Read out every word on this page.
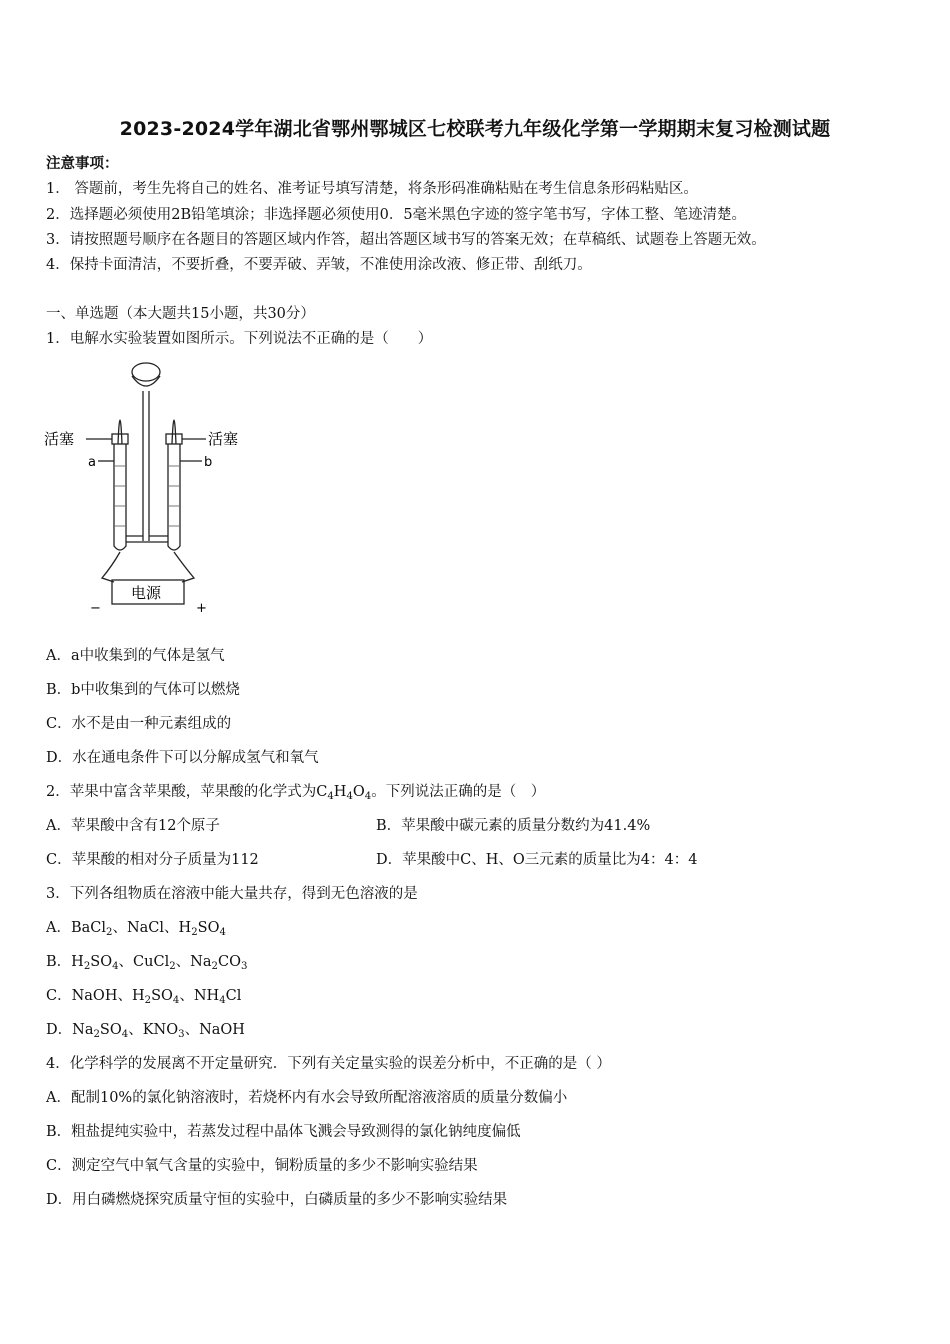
2023-2024学年湖北省鄂州鄂城区七校联考九年级化学第一学期期末复习检测试题
注意事项：
1． 答题前，考生先将自己的姓名、准考证号填写清楚，将条形码准确粘贴在考生信息条形码粘贴区。
2．选择题必须使用2B铅笔填涂；非选择题必须使用0．5毫米黑色字迹的签字笔书写，字体工整、笔迹清楚。
3．请按照题号顺序在各题目的答题区域内作答，超出答题区域书写的答案无效；在草稿纸、试题卷上答题无效。
4．保持卡面清洁，不要折叠，不要弄破、弄皱，不准使用涂改液、修正带、刮纸刀。
一、单选题（本大题共15小题，共30分）
1．电解水实验装置如图所示。下列说法不正确的是（　　）
活塞	活塞
a	b
电源
−	+
A．a中收集到的气体是氢气
B．b中收集到的气体可以燃烧
C．水不是由一种元素组成的
D．水在通电条件下可以分解成氢气和氧气
2．苹果中富含苹果酸，苹果酸的化学式为$C_4H_4O_4$。下列说法正确的是（　）
A．苹果酸中含有12个原子	B．苹果酸中碳元素的质量分数约为41.4%
C．苹果酸的相对分子质量为112	D．苹果酸中C、H、O三元素的质量比为4：4：4
3．下列各组物质在溶液中能大量共存，得到无色溶液的是
A．BaCl$_2$、NaCl、$H_2SO_4$
B．$H_2SO_4$、CuCl$_2$、$Na_2CO_3$
C．NaOH、$H_2SO_4$、$NH_4Cl$
D．$Na_2SO_4$、$KNO_3$、NaOH
4．化学科学的发展离不开定量研究．下列有关定量实验的误差分析中，不正确的是（ ）
A．配制10%的氯化钠溶液时，若烧杯内有水会导致所配溶液溶质的质量分数偏小
B．粗盐提纯实验中，若蒸发过程中晶体飞溅会导致测得的氯化钠纯度偏低
C．测定空气中氧气含量的实验中，铜粉质量的多少不影响实验结果
D．用白磷燃烧探究质量守恒的实验中，白磷质量的多少不影响实验结果
